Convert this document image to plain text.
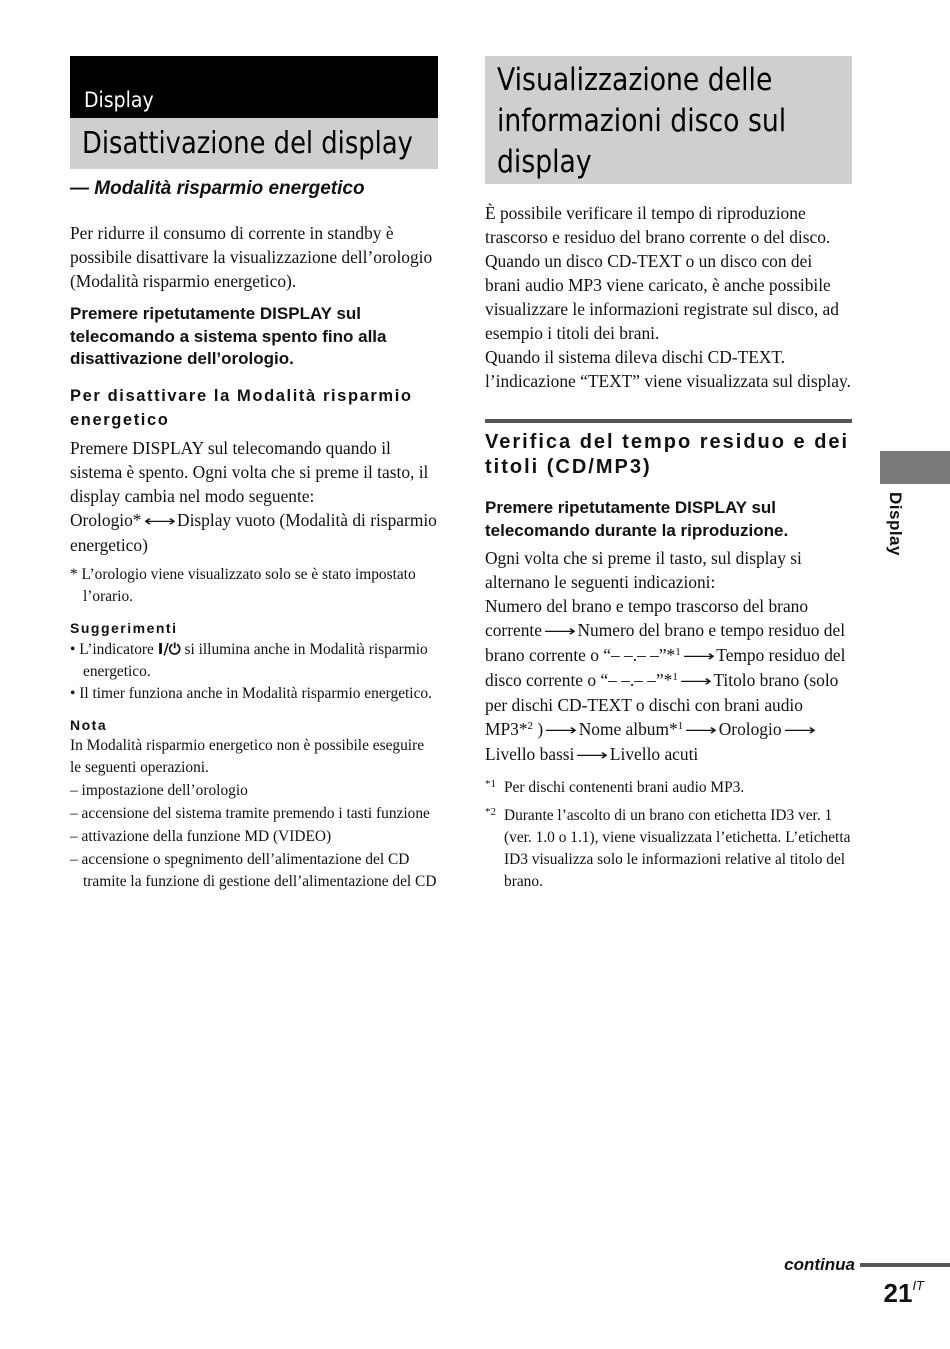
Display
Disattivazione del display

— Modalità risparmio energetico

Per ridurre il consumo di corrente in standby è possibile disattivare la visualizzazione dell’orologio (Modalità risparmio energetico).

Premere ripetutamente DISPLAY sul telecomando a sistema spento fino alla disattivazione dell’orologio.

Per disattivare la Modalità risparmio energetico

Premere DISPLAY sul telecomando quando il sistema è spento. Ogni volta che si preme il tasto, il display cambia nel modo seguente:
Orologio* ⟷Display vuoto (Modalità di risparmio energetico)

* L’orologio viene visualizzato solo se è stato impostato l’orario.

Suggerimenti

• L’indicatore I/⏻ si illumina anche in Modalità risparmio energetico.

• Il timer funziona anche in Modalità risparmio energetico.

Nota

In Modalità risparmio energetico non è possibile eseguire le seguenti operazioni.

– impostazione dell’orologio

– accensione del sistema tramite premendo i tasti funzione

– attivazione della funzione MD (VIDEO)

– accensione o spegnimento dell’alimentazione del CD tramite la funzione di gestione dell’alimentazione del CD

Visualizzazione delle
informazioni disco sul
display

È possibile verificare il tempo di riproduzione trascorso e residuo del brano corrente o del disco.

Quando un disco CD-TEXT o un disco con dei brani audio MP3 viene caricato, è anche possibile visualizzare le informazioni registrate sul disco, ad esempio i titoli dei brani.

Quando il sistema dileva dischi CD-TEXT. l’indicazione “TEXT” viene visualizzata sul display.

Verifica del tempo residuo e dei titoli (CD/MP3)

Premere ripetutamente DISPLAY sul telecomando durante la riproduzione.

Ogni volta che si preme il tasto, sul display si alternano le seguenti indicazioni:
Numero del brano e tempo trascorso del brano corrente ⟶Numero del brano e tempo residuo del brano corrente o “– –.– –”*$^1$ ⟶Tempo residuo del disco corrente o “– –.– –”*$^1$ ⟶Titolo brano (solo per dischi CD-TEXT o dischi con brani audio MP3*$^2$ ) ⟶Nome album*$^1$ ⟶Orologio ⟶Livello bassi ⟶Livello acuti

*1 Per dischi contenenti brani audio MP3.

*2 Durante l’ascolto di un brano con etichetta ID3 ver. 1 (ver. 1.0 o 1.1), viene visualizzata l’etichetta. L’etichetta ID3 visualizza solo le informazioni relative al titolo del brano.

Display
continua
$21^{IT}$
